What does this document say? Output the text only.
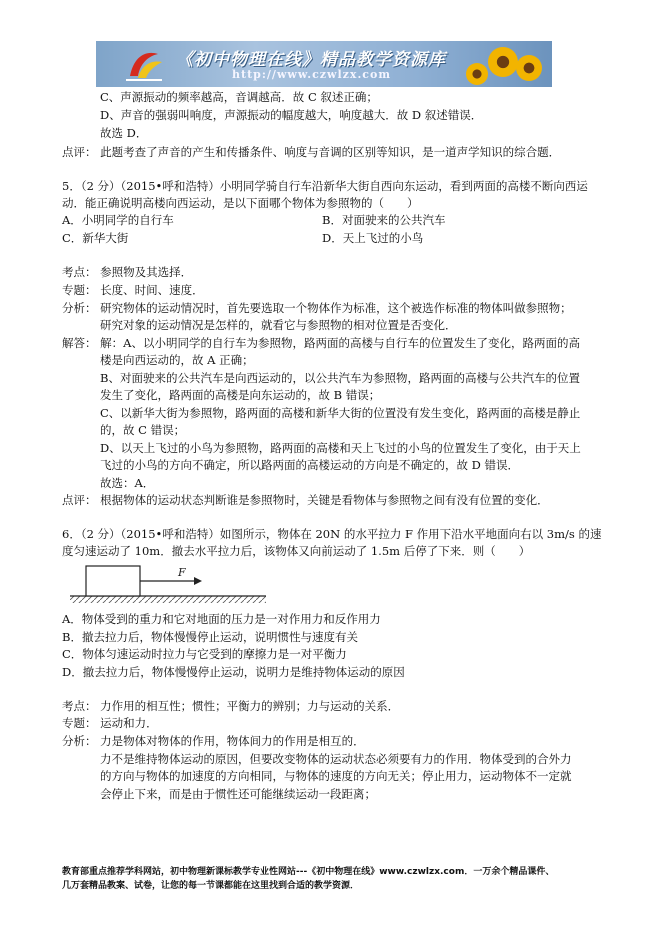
《初中物理在线》精品教学资源库
http://www.czwlzx.com
C、声源振动的频率越高，音调越高．故 C 叙述正确；
D、声音的强弱叫响度，声源振动的幅度越大，响度越大．故 D 叙述错误．
故选 D．
点评： 此题考查了声音的产生和传播条件、响度与音调的区别等知识，是一道声学知识的综合题．
5．（2 分）（2015•呼和浩特）小明同学骑自行车沿新华大街自西向东运动，看到两面的高楼不断向西运
动．能正确说明高楼向西运动，是以下面哪个物体为参照物的（　　）
A．小明同学的自行车	B．对面驶来的公共汽车
C．新华大街	D．天上飞过的小鸟
考点： 参照物及其选择．
专题： 长度、时间、速度．
分析： 研究物体的运动情况时，首先要选取一个物体作为标准，这个被选作标准的物体叫做参照物；
研究对象的运动情况是怎样的，就看它与参照物的相对位置是否变化．
解答： 解：A、以小明同学的自行车为参照物，路两面的高楼与自行车的位置发生了变化，路两面的高
楼是向西运动的，故 A 正确；
B、对面驶来的公共汽车是向西运动的，以公共汽车为参照物，路两面的高楼与公共汽车的位置
发生了变化，路两面的高楼是向东运动的，故 B 错误；
C、以新华大街为参照物，路两面的高楼和新华大街的位置没有发生变化，路两面的高楼是静止
的，故 C 错误；
D、以天上飞过的小鸟为参照物，路两面的高楼和天上飞过的小鸟的位置发生了变化，由于天上
飞过的小鸟的方向不确定，所以路两面的高楼运动的方向是不确定的，故 D 错误．
故选：A．
点评： 根据物体的运动状态判断谁是参照物时，关键是看物体与参照物之间有没有位置的变化．
6．（2 分）（2015•呼和浩特）如图所示，物体在 20N 的水平拉力 F 作用下沿水平地面向右以 3m/s 的速
度匀速运动了 10m．撤去水平拉力后，该物体又向前运动了 1.5m 后停了下来．则（　　）
F
A．物体受到的重力和它对地面的压力是一对作用力和反作用力
B．撤去拉力后，物体慢慢停止运动，说明惯性与速度有关
C．物体匀速运动时拉力与它受到的摩擦力是一对平衡力
D．撤去拉力后，物体慢慢停止运动，说明力是维持物体运动的原因
考点： 力作用的相互性；惯性；平衡力的辨别；力与运动的关系．
专题： 运动和力．
分析： 力是物体对物体的作用，物体间力的作用是相互的．
力不是维持物体运动的原因，但要改变物体的运动状态必须要有力的作用．物体受到的合外力
的方向与物体的加速度的方向相同，与物体的速度的方向无关；停止用力，运动物体不一定就
会停止下来，而是由于惯性还可能继续运动一段距离；
教育部重点推荐学科网站，初中物理新课标教学专业性网站---《初中物理在线》www.czwlzx.com．一万余个精品课件、
几万套精品教案、试卷，让您的每一节课都能在这里找到合适的教学资源．
